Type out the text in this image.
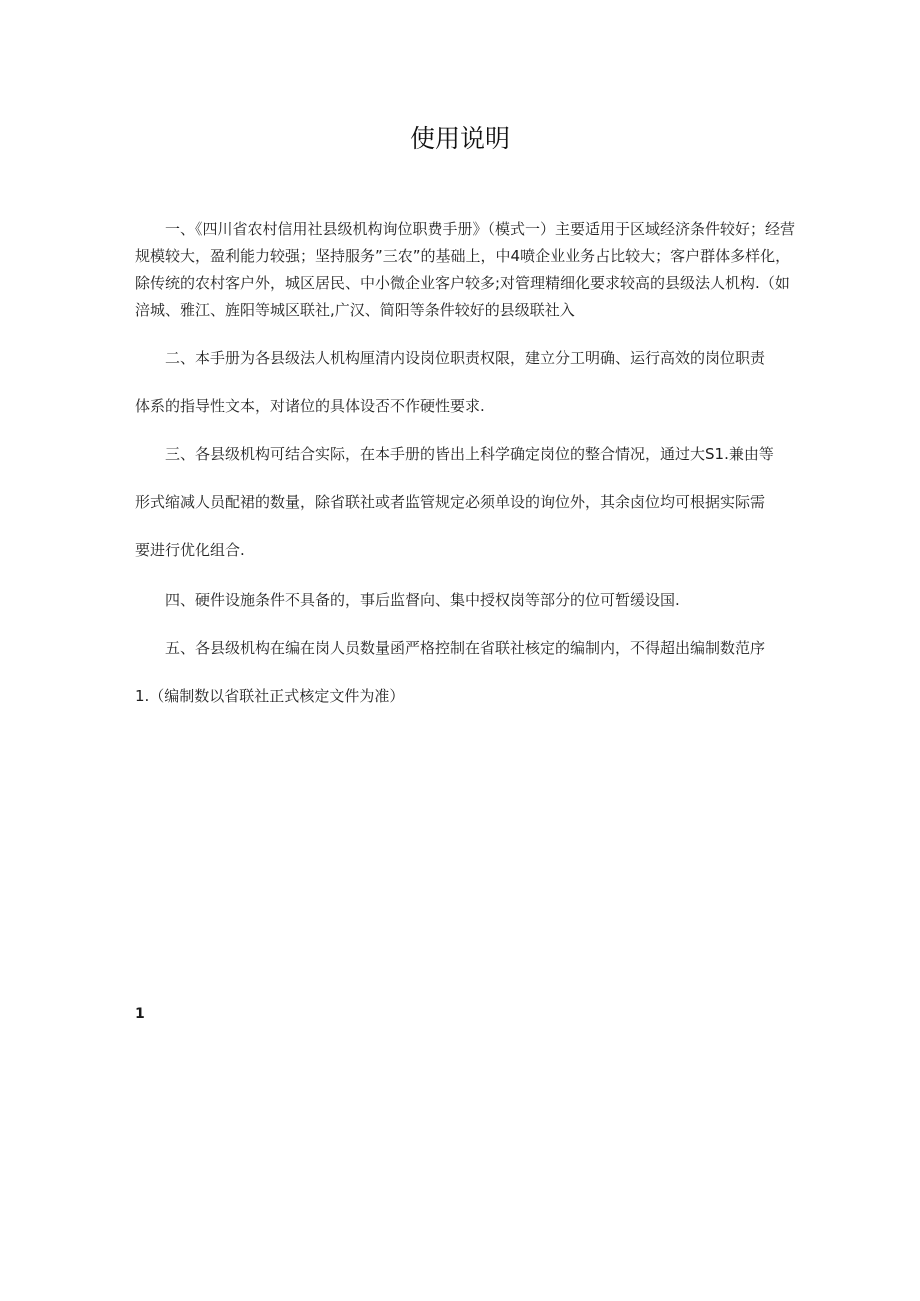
使用说明

一、《四川省农村信用社县级机构询位职费手册》（模式一）主要适用于区域经济条件较好；经营规模较大，盈利能力较强；坚持服务”三农”的基础上，中4喷企业业务占比较大；客户群体多样化，除传统的农村客户外，城区居民、中小微企业客户较多;对管理精细化要求较高的县级法人机构.（如涪城、雅江、旌阳等城区联社,广汉、简阳等条件较好的县级联社入

二、本手册为各县级法人机构厘清内设岗位职责权限，建立分工明确、运行高效的岗位职责
体系的指导性文本，对诸位的具体设否不作硬性要求.
三、各县级机构可结合实际，在本手册的皆出上科学确定岗位的整合情况，通过大S1.兼由等
形式缩减人员配裙的数量，除省联社或者监管规定必须单设的询位外，其余卤位均可根据实际需
要进行优化组合.
四、硬件设施条件不具备的，事后监督向、集中授权岗等部分的位可暂缓设国.
五、各县级机构在编在岗人员数量函严格控制在省联社核定的编制内，不得超出编制数范序
1.（编制数以省联社正式核定文件为准）
1
